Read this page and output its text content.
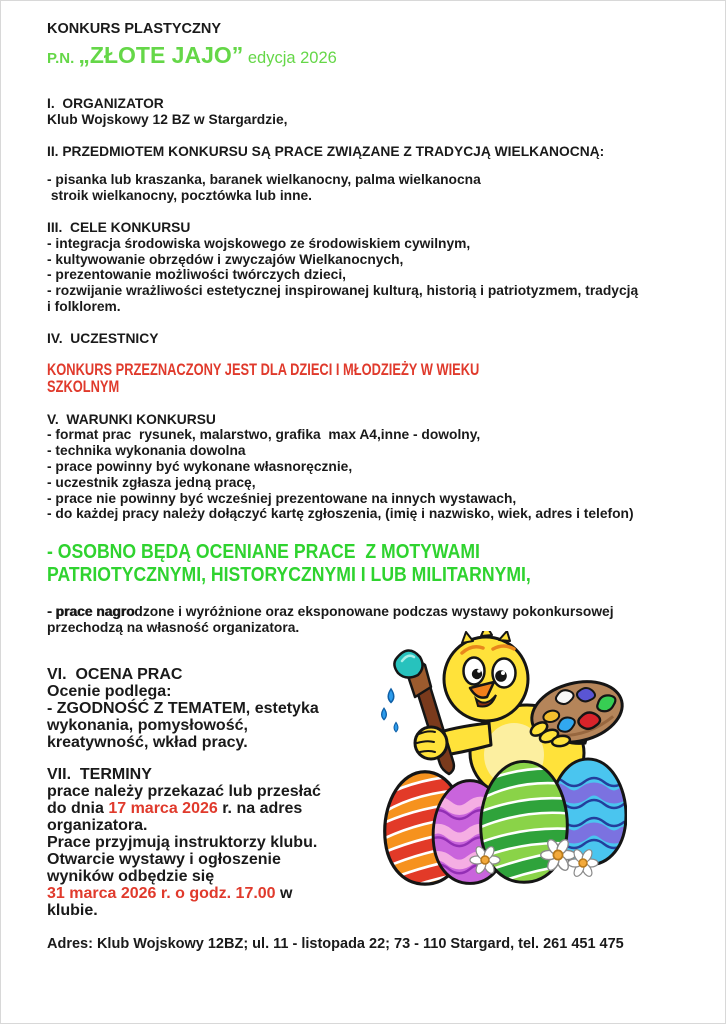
KONKURS PLASTYCZNY
P.N. „ZŁOTE JAJO” edycja 2026
I.  ORGANIZATOR
Klub Wojskowy 12 BZ w Stargardzie,
II. PRZEDMIOTEM KONKURSU SĄ PRACE ZWIĄZANE Z TRADYCJĄ WIELKANOCNĄ:
- pisanka lub kraszanka, baranek wielkanocny, palma wielkanocna
stroik wielkanocny, pocztówka lub inne.
III.  CELE KONKURSU
- integracja środowiska wojskowego ze środowiskiem cywilnym,
- kultywowanie obrzędów i zwyczajów Wielkanocnych,
- prezentowanie możliwości twórczych dzieci,
- rozwijanie wrażliwości estetycznej inspirowanej kulturą, historią i patriotyzmem, tradycją
i folklorem.
IV.  UCZESTNICY
KONKURS PRZEZNACZONY JEST DLA DZIECI I MŁODZIEŻY W WIEKU SZKOLNYM
V.  WARUNKI KONKURSU
- format prac  rysunek, malarstwo, grafika  max A4,inne - dowolny,
- technika wykonania dowolna
- prace powinny być wykonane własnoręcznie,
- uczestnik zgłasza jedną pracę,
- prace nie powinny być wcześniej prezentowane na innych wystawach,
- do każdej pracy należy dołączyć kartę zgłoszenia, (imię i nazwisko, wiek, adres i telefon)
- OSOBNO BĘDĄ OCENIANE PRACE  Z MOTYWAMI
PATRIOTYCZNYMI, HISTORYCZNYMI I LUB MILITARNYMI,
- prace nagrodzone i wyróżnione oraz eksponowane podczas wystawy pokonkursowej
przechodzą na własność organizatora.
VI.  OCENA PRAC
Ocenie podlega:
- ZGODNOŚĆ Z TEMATEM, estetyka
wykonania, pomysłowość,
kreatywność, wkład pracy.
VII.  TERMINY
prace należy przekazać lub przesłać
do dnia 17 marca 2026 r. na adres
organizatora.
Prace przyjmują instruktorzy klubu.
Otwarcie wystawy i ogłoszenie
wyników odbędzie się
31 marca 2026 r. o godz. 17.00 w
klubie.
Adres: Klub Wojskowy 12BZ; ul. 11 - listopada 22; 73 - 110 Stargard, tel. 261 451 475
